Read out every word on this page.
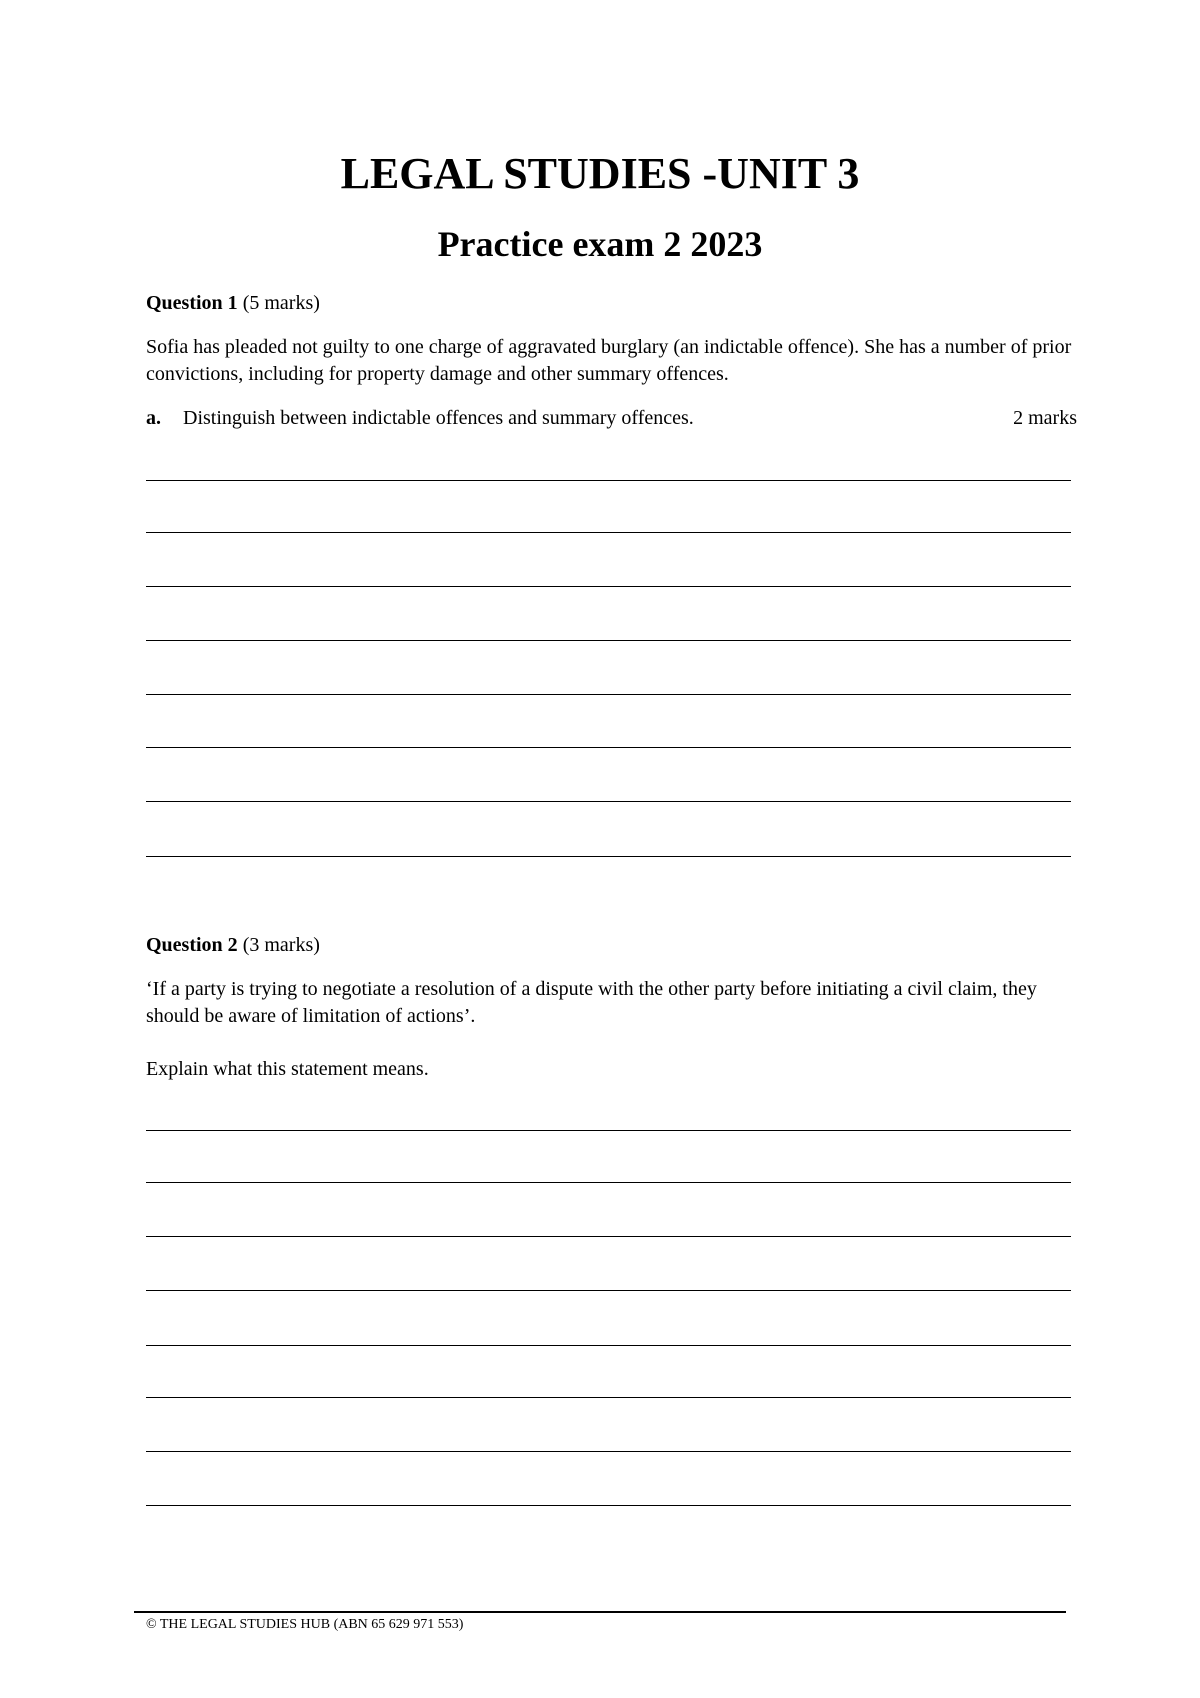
LEGAL STUDIES -UNIT 3
Practice exam 2 2023
Question 1 (5 marks)
Sofia has pleaded not guilty to one charge of aggravated burglary (an indictable offence). She has a number of prior convictions, including for property damage and other summary offences.
a. Distinguish between indictable offences and summary offences.	2 marks
Question 2 (3 marks)
‘If a party is trying to negotiate a resolution of a dispute with the other party before initiating a civil claim, they should be aware of limitation of actions’.
Explain what this statement means.
© THE LEGAL STUDIES HUB (ABN 65 629 971 553)
